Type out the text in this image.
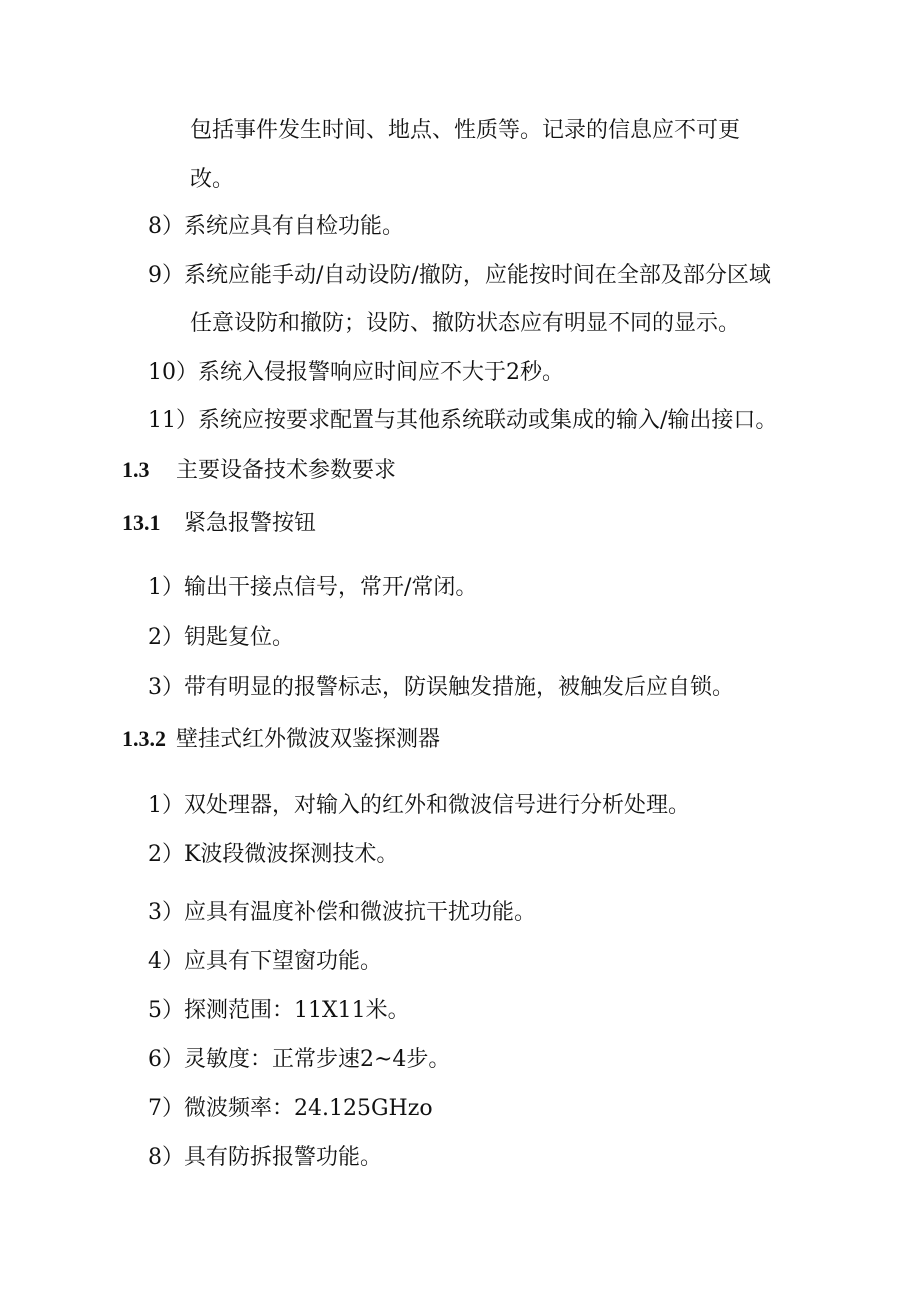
包括事件发生时间、地点、性质等。记录的信息应不可更
改。
8）系统应具有自检功能。
9）系统应能手动/自动设防/撤防，应能按时间在全部及部分区域
任意设防和撤防；设防、撤防状态应有明显不同的显示。
10）系统入侵报警响应时间应不大于2秒。
11）系统应按要求配置与其他系统联动或集成的输入/输出接口。
1.3 主要设备技术参数要求
13.1 紧急报警按钮
1）输出干接点信号，常开/常闭。
2）钥匙复位。
3）带有明显的报警标志，防误触发措施，被触发后应自锁。
1.3.2 壁挂式红外微波双鉴探测器
1）双处理器，对输入的红外和微波信号进行分析处理。
2）K波段微波探测技术。
3）应具有温度补偿和微波抗干扰功能。
4）应具有下望窗功能。
5）探测范围：11X11米。
6）灵敏度：正常步速2~4步。
7）微波频率：24.125GHzo
8）具有防拆报警功能。
